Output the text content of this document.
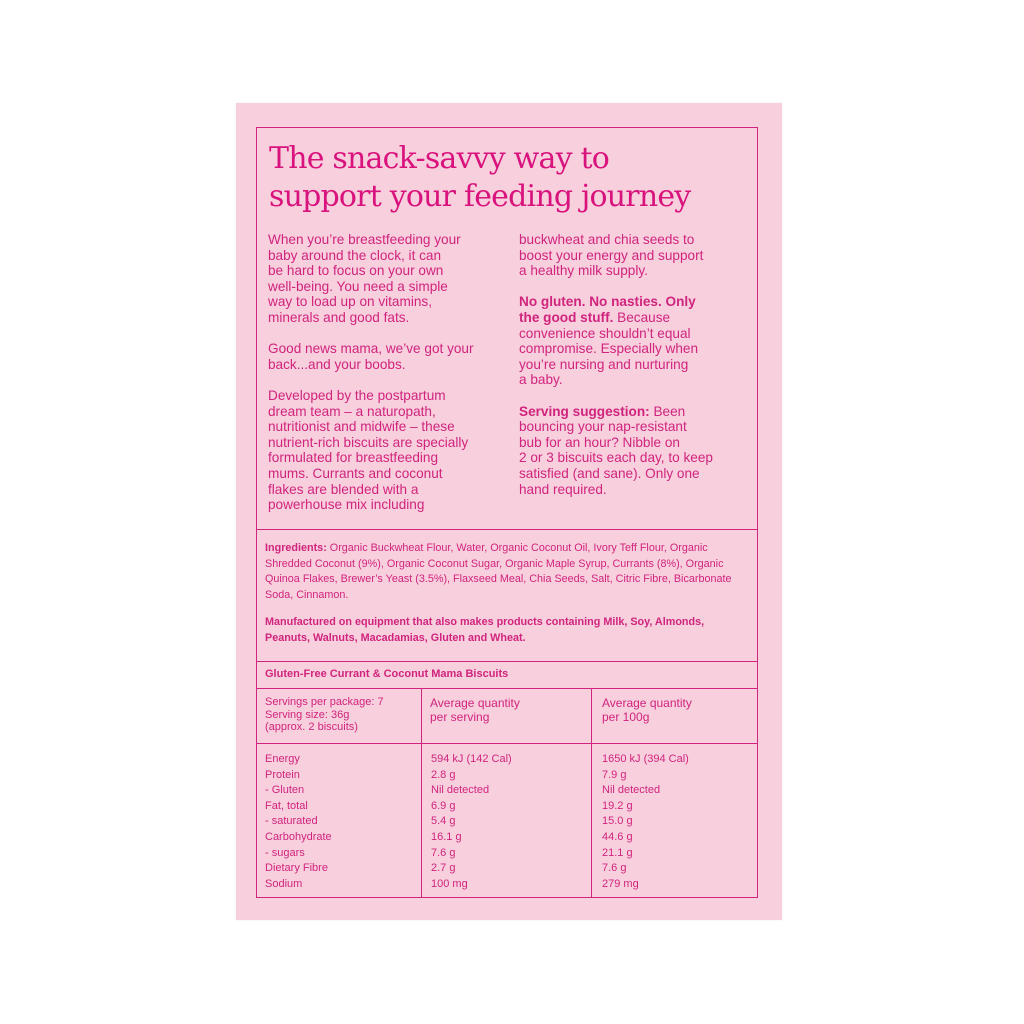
The snack-savvy way to
support your feeding journey

When you’re breastfeeding your
baby around the clock, it can
be hard to focus on your own
well-being. You need a simple
way to load up on vitamins,
minerals and good fats.

Good news mama, we’ve got your
back...and your boobs.

Developed by the postpartum
dream team – a naturopath,
nutritionist and midwife – these
nutrient-rich biscuits are specially
formulated for breastfeeding
mums. Currants and coconut
flakes are blended with a
powerhouse mix including

buckwheat and chia seeds to
boost your energy and support
a healthy milk supply.

No gluten. No nasties. Only
the good stuff. Because
convenience shouldn’t equal
compromise. Especially when
you’re nursing and nurturing
a baby.

Serving suggestion: Been
bouncing your nap-resistant
bub for an hour? Nibble on
2 or 3 biscuits each day, to keep
satisfied (and sane). Only one
hand required.

Ingredients: Organic Buckwheat Flour, Water, Organic Coconut Oil, Ivory Teff Flour, Organic Shredded Coconut (9%), Organic Coconut Sugar, Organic Maple Syrup, Currants (8%), Organic Quinoa Flakes, Brewer’s Yeast (3.5%), Flaxseed Meal, Chia Seeds, Salt, Citric Fibre, Bicarbonate Soda, Cinnamon.

Manufactured on equipment that also makes products containing Milk, Soy, Almonds, Peanuts, Walnuts, Macadamias, Gluten and Wheat.

Gluten-Free Currant & Coconut Mama Biscuits
Servings per package: 7
Serving size: 36g
(approx. 2 biscuits)
Average quantity
per serving
Average quantity
per 100g
Energy
Protein
- Gluten
Fat, total
- saturated
Carbohydrate
- sugars
Dietary Fibre
Sodium
594 kJ (142 Cal)
2.8 g
Nil detected
6.9 g
5.4 g
16.1 g
7.6 g
2.7 g
100 mg
1650 kJ (394 Cal)
7.9 g
Nil detected
19.2 g
15.0 g
44.6 g
21.1 g
7.6 g
279 mg
